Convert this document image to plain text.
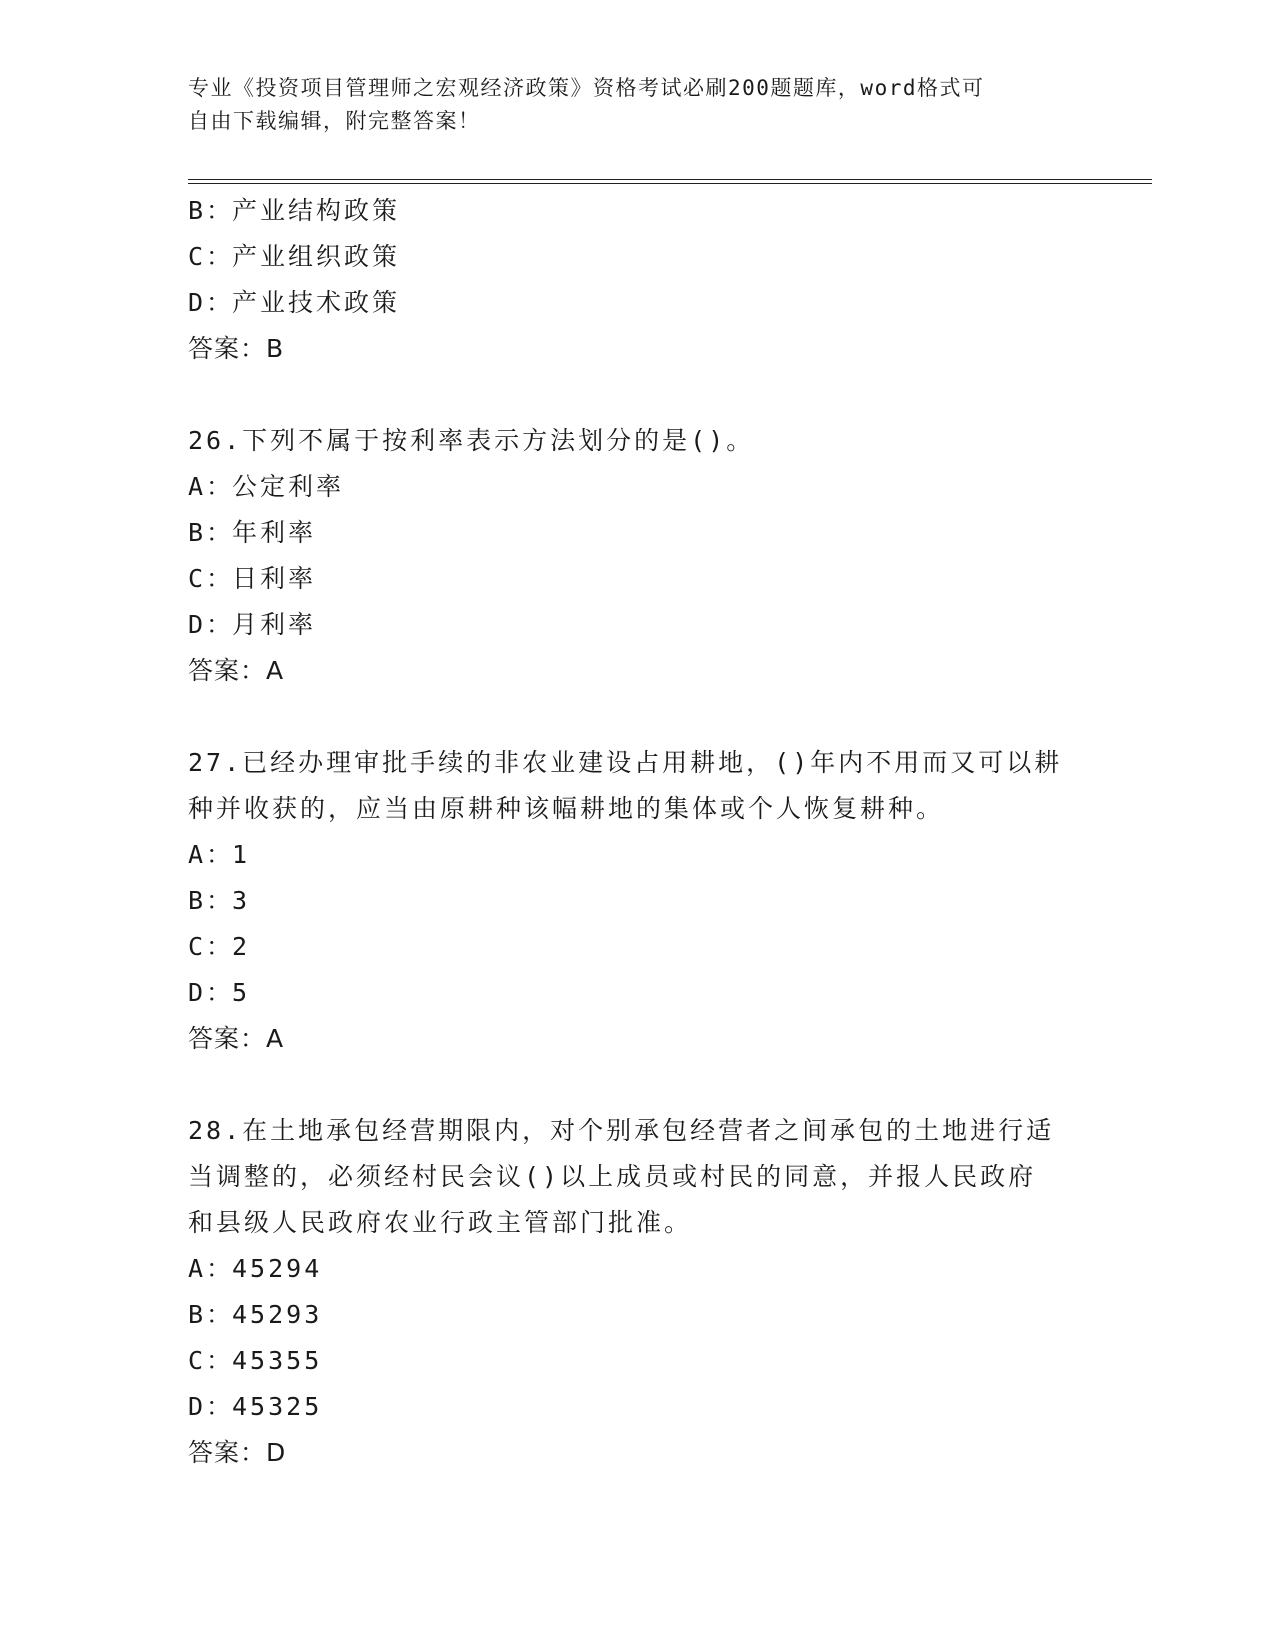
专业《投资项目管理师之宏观经济政策》资格考试必刷200题题库，word格式可
自由下载编辑，附完整答案！
B：产业结构政策
C：产业组织政策
D：产业技术政策
答案：B
26.下列不属于按利率表示方法划分的是()。
A：公定利率
B：年利率
C：日利率
D：月利率
答案：A
27.已经办理审批手续的非农业建设占用耕地，()年内不用而又可以耕
种并收获的，应当由原耕种该幅耕地的集体或个人恢复耕种。
A：1
B：3
C：2
D：5
答案：A
28.在土地承包经营期限内，对个别承包经营者之间承包的土地进行适
当调整的，必须经村民会议()以上成员或村民的同意，并报人民政府
和县级人民政府农业行政主管部门批准。
A：45294
B：45293
C：45355
D：45325
答案：D
